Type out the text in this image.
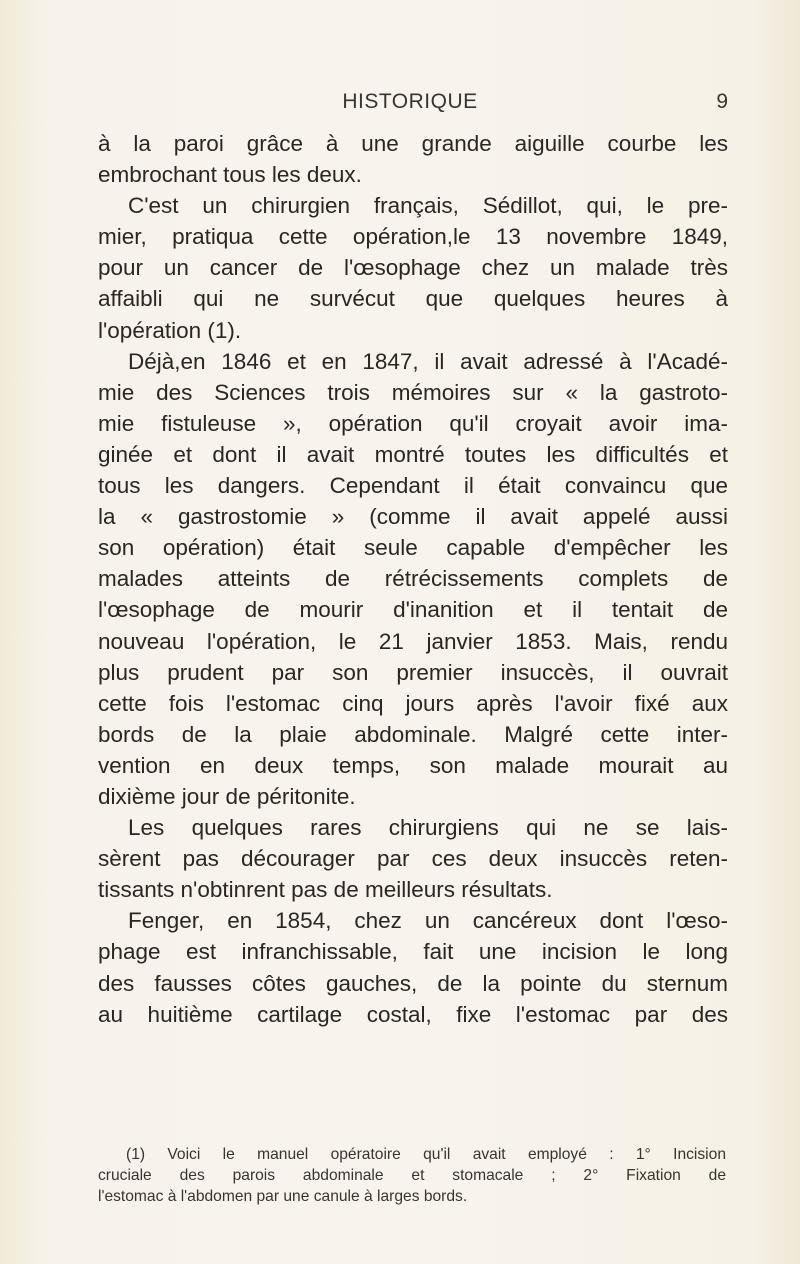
HISTORIQUE	9
à la paroi grâce à une grande aiguille courbe les
embrochant tous les deux.
C'est un chirurgien français, Sédillot, qui, le pre-
mier, pratiqua cette opération,le 13 novembre 1849,
pour un cancer de l'œsophage chez un malade très
affaibli qui ne survécut que quelques heures à
l'opération (1).
Déjà,en 1846 et en 1847, il avait adressé à l'Acadé-
mie des Sciences trois mémoires sur « la gastroto-
mie fistuleuse », opération qu'il croyait avoir ima-
ginée et dont il avait montré toutes les difficultés et
tous les dangers. Cependant il était convaincu que
la « gastrostomie » (comme il avait appelé aussi
son opération) était seule capable d'empêcher les
malades atteints de rétrécissements complets de
l'œsophage de mourir d'inanition et il tentait de
nouveau l'opération, le 21 janvier 1853. Mais, rendu
plus prudent par son premier insuccès, il ouvrait
cette fois l'estomac cinq jours après l'avoir fixé aux
bords de la plaie abdominale. Malgré cette inter-
vention en deux temps, son malade mourait au
dixième jour de péritonite.
Les quelques rares chirurgiens qui ne se lais-
sèrent pas décourager par ces deux insuccès reten-
tissants n'obtinrent pas de meilleurs résultats.
Fenger, en 1854, chez un cancéreux dont l'œso-
phage est infranchissable, fait une incision le long
des fausses côtes gauches, de la pointe du sternum
au huitième cartilage costal, fixe l'estomac par des
(1) Voici le manuel opératoire qu'il avait employé : 1° Incision
cruciale des parois abdominale et stomacale ; 2° Fixation de
l'estomac à l'abdomen par une canule à larges bords.
